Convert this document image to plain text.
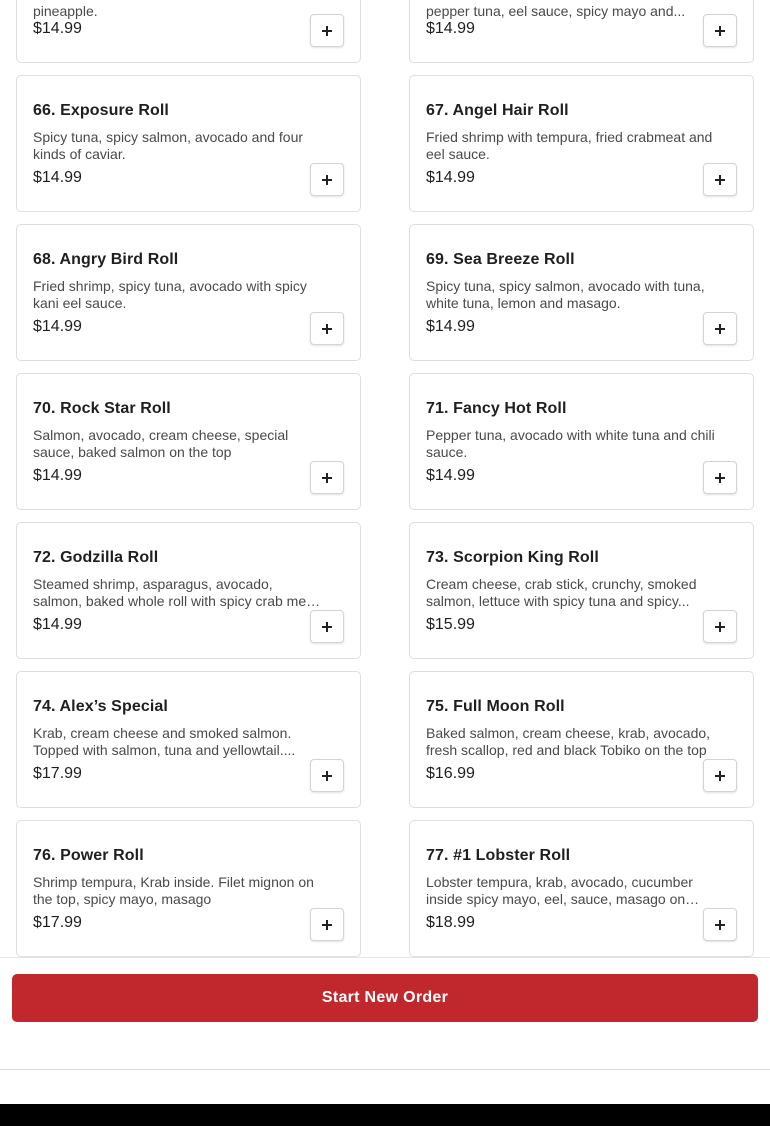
pineapple.
$14.99
pepper tuna, eel sauce, spicy mayo and...
$14.99
66. Exposure Roll
Spicy tuna, spicy salmon, avocado and four kinds of caviar.
$14.99
67. Angel Hair Roll
Fried shrimp with tempura, fried crabmeat and eel sauce.
$14.99
68. Angry Bird Roll
Fried shrimp, spicy tuna, avocado with spicy kani eel sauce.
$14.99
69. Sea Breeze Roll
Spicy tuna, spicy salmon, avocado with tuna, white tuna, lemon and masago.
$14.99
70. Rock Star Roll
Salmon, avocado, cream cheese, special sauce, baked salmon on the top
$14.99
71. Fancy Hot Roll
Pepper tuna, avocado with white tuna and chili sauce.
$14.99
72. Godzilla Roll
Steamed shrimp, asparagus, avocado, salmon, baked whole roll with spicy crab meat
$14.99
73. Scorpion King Roll
Cream cheese, crab stick, crunchy, smoked salmon, lettuce with spicy tuna and spicy...
$15.99
74. Alex’s Special
Krab, cream cheese and smoked salmon. Topped with salmon, tuna and yellowtail....
$17.99
75. Full Moon Roll
Baked salmon, cream cheese, krab, avocado, fresh scallop, red and black Tobiko on the top
$16.99
76. Power Roll
Shrimp tempura, Krab inside. Filet mignon on the top, spicy mayo, masago
$17.99
77. #1 Lobster Roll
Lobster tempura, krab, avocado, cucumber inside spicy mayo, eel, sauce, masago on
$18.99
Start New Order
